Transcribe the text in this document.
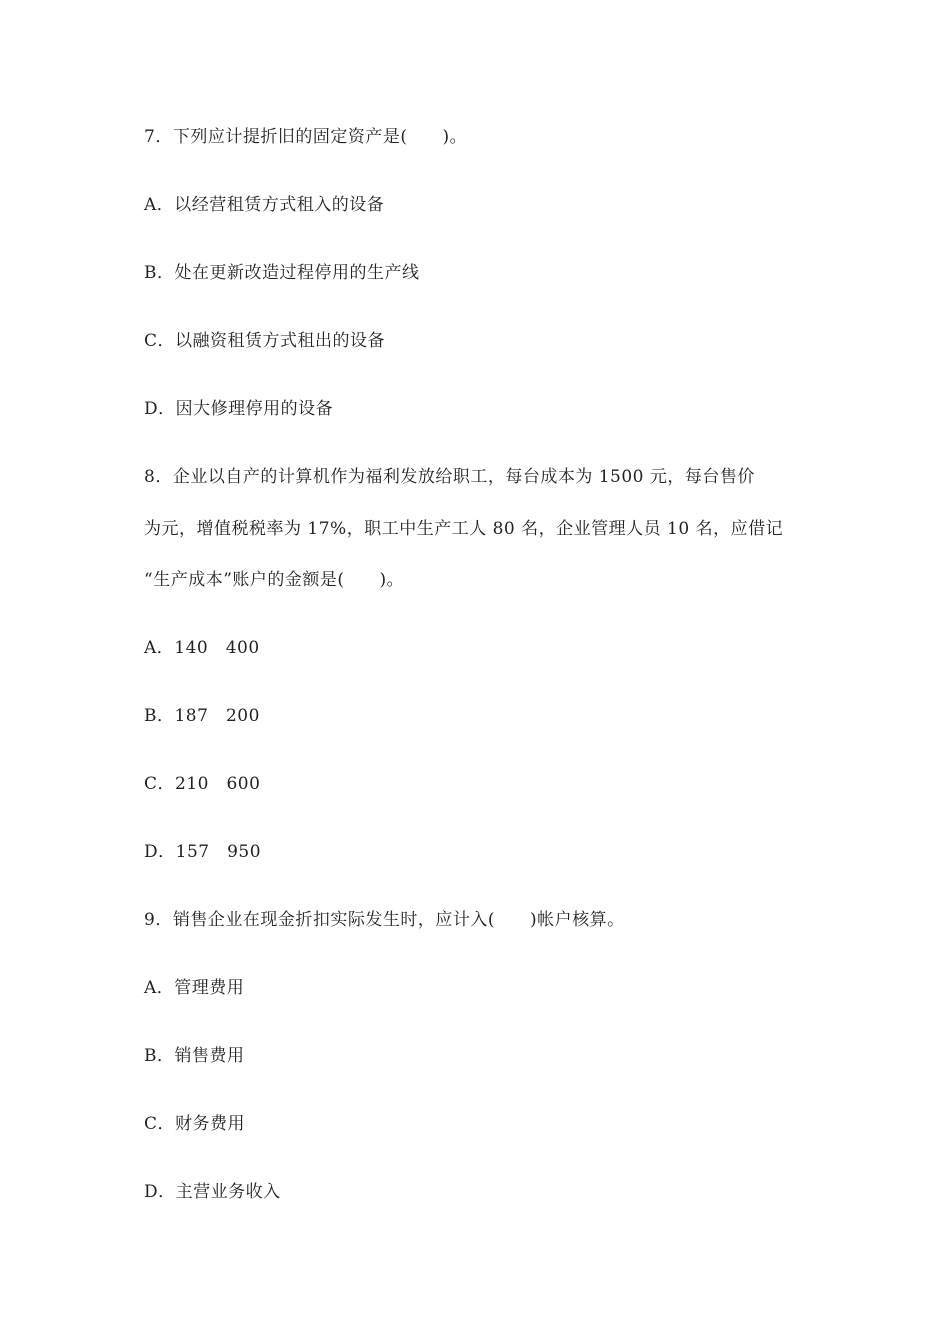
7．下列应计提折旧的固定资产是(　　)。
A．以经营租赁方式租入的设备
B．处在更新改造过程停用的生产线
C．以融资租赁方式租出的设备
D．因大修理停用的设备
8．企业以自产的计算机作为福利发放给职工，每台成本为 1500 元，每台售价
为元，增值税税率为 17%，职工中生产工人 80 名，企业管理人员 10 名，应借记
“生产成本”账户的金额是(　　)。
A．140　400
B．187　200
C．210　600
D．157　950
9．销售企业在现金折扣实际发生时，应计入(　　)帐户核算。
A．管理费用
B．销售费用
C．财务费用
D．主营业务收入
